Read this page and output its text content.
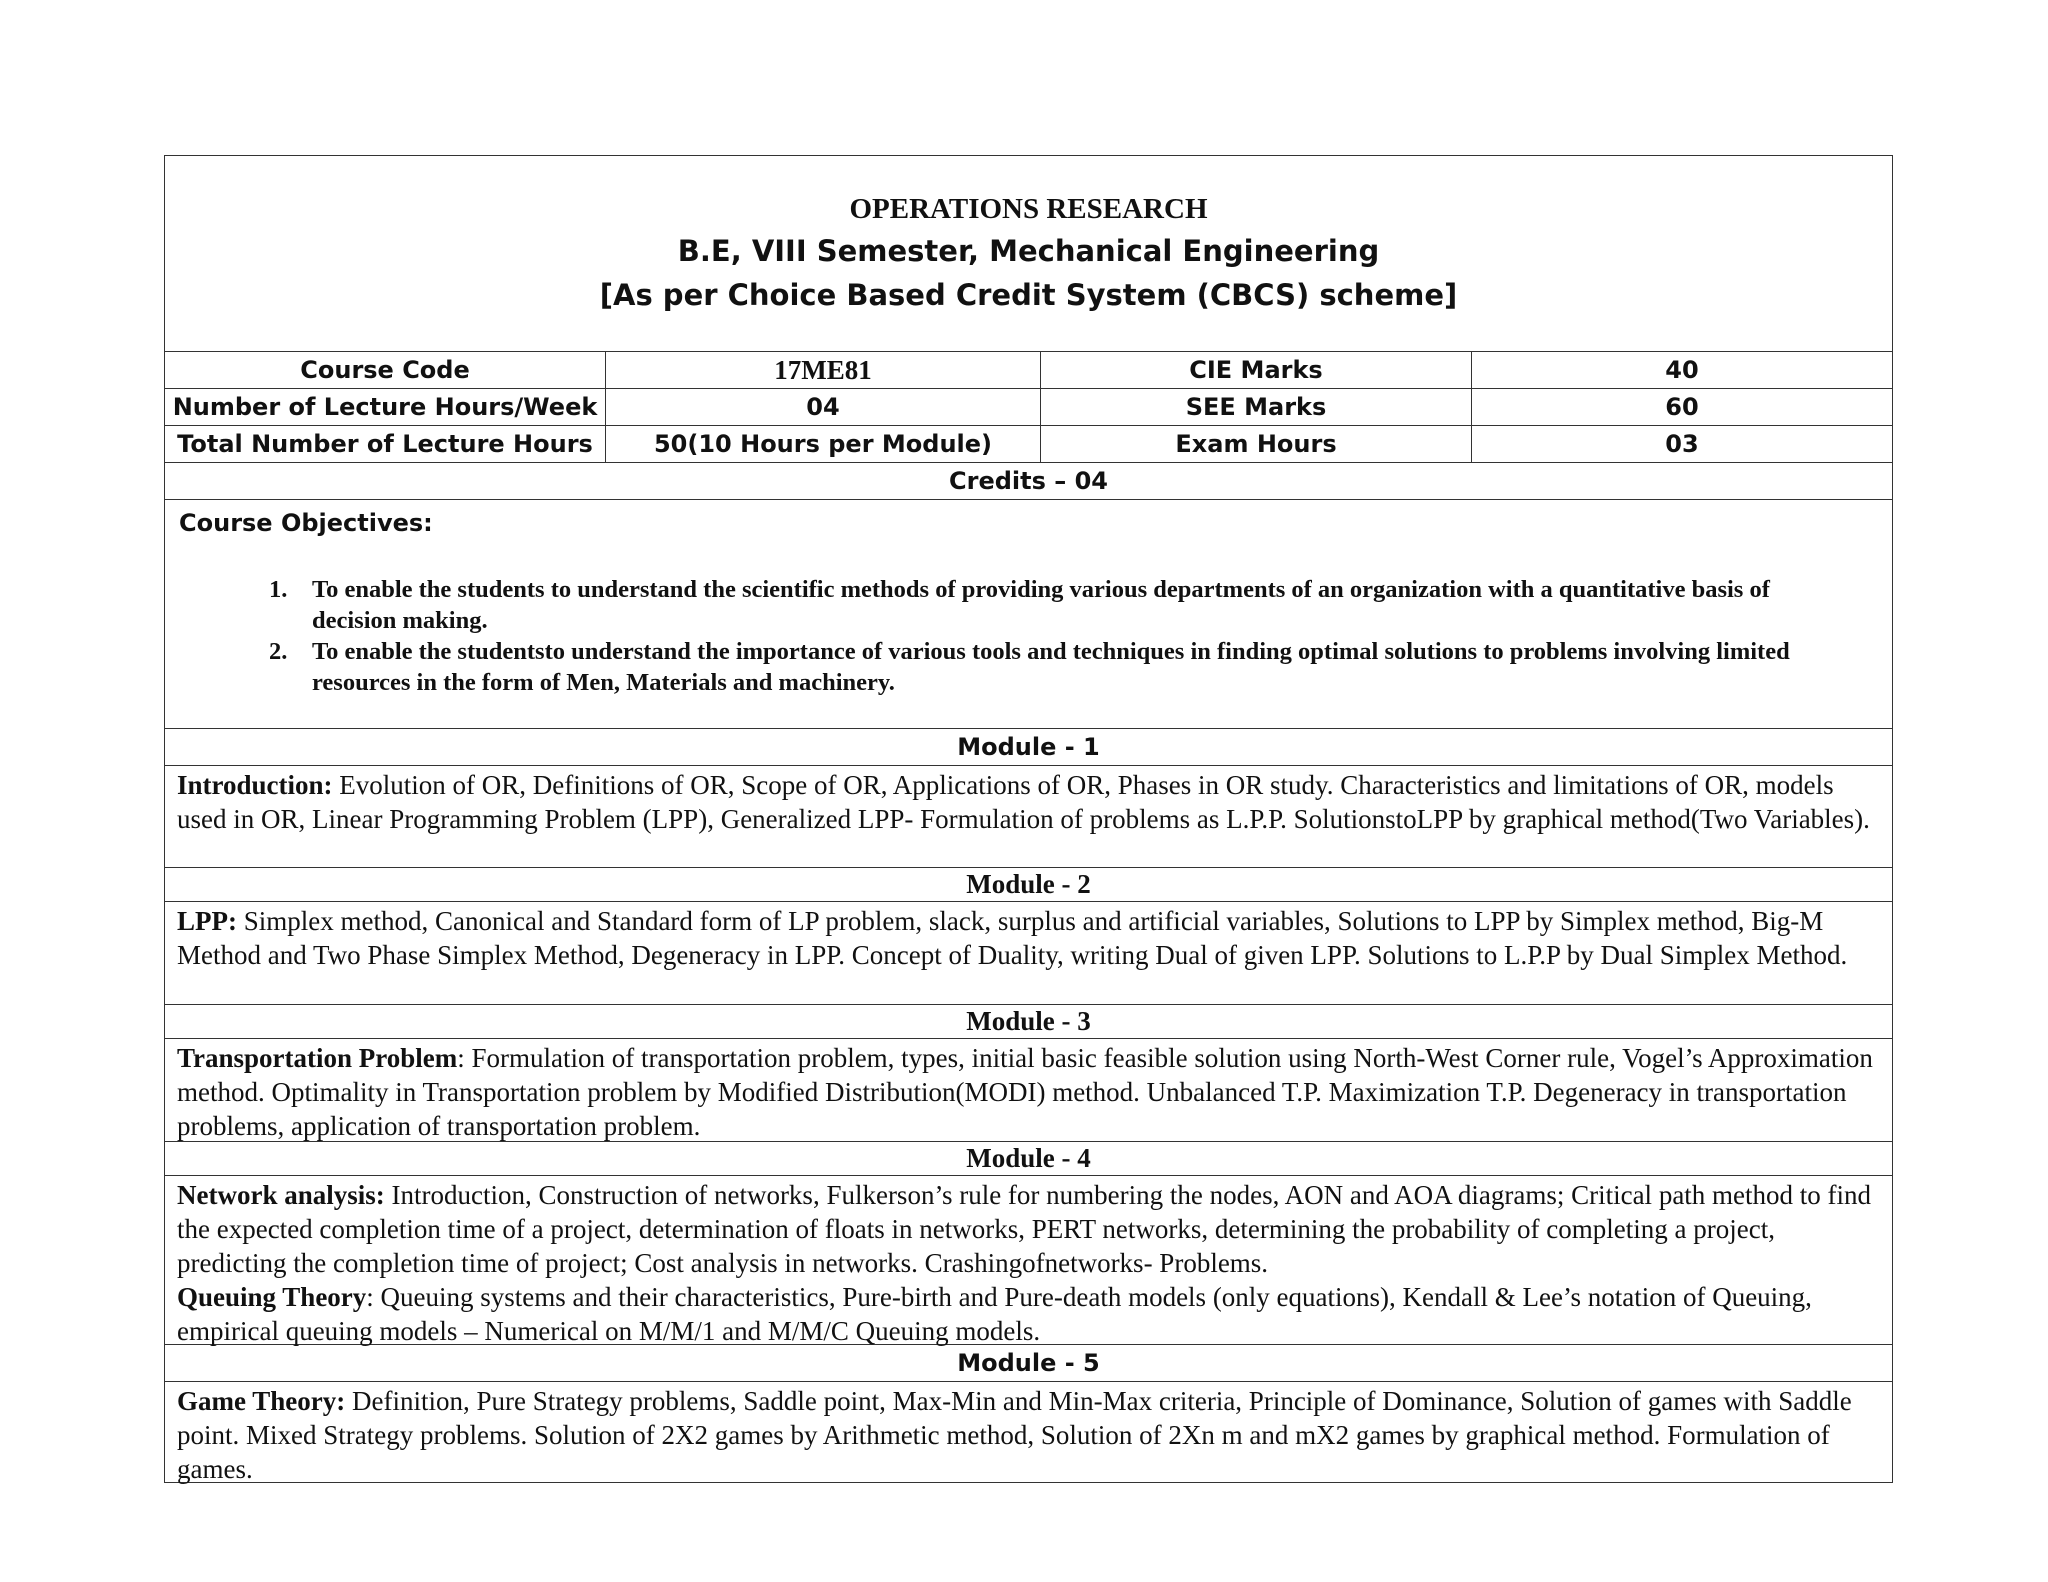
OPERATIONS RESEARCH
B.E, VIII Semester, Mechanical Engineering
[As per Choice Based Credit System (CBCS) scheme]
Course Code	17ME81	CIE Marks	40
Number of Lecture Hours/Week	04	SEE Marks	60
Total Number of Lecture Hours	50(10 Hours per Module)	Exam Hours	03
Credits – 04
Course Objectives:
1. To enable the students to understand the scientific methods of providing various departments of an organization with a quantitative basis of decision making.
2. To enable the studentsto understand the importance of various tools and techniques in finding optimal solutions to problems involving limited resources in the form of Men, Materials and machinery.
Module - 1
Introduction: Evolution of OR, Definitions of OR, Scope of OR, Applications of OR, Phases in OR study. Characteristics and limitations of OR, models used in OR, Linear Programming Problem (LPP), Generalized LPP- Formulation of problems as L.P.P. SolutionstoLPP by graphical method(Two Variables).
Module - 2
LPP: Simplex method, Canonical and Standard form of LP problem, slack, surplus and artificial variables, Solutions to LPP by Simplex method, Big-M Method and Two Phase Simplex Method, Degeneracy in LPP. Concept of Duality, writing Dual of given LPP. Solutions to L.P.P by Dual Simplex Method.
Module - 3
Transportation Problem: Formulation of transportation problem, types, initial basic feasible solution using North-West Corner rule, Vogel’s Approximation method. Optimality in Transportation problem by Modified Distribution(MODI) method. Unbalanced T.P. Maximization T.P. Degeneracy in transportation problems, application of transportation problem.
Module - 4
Network analysis: Introduction, Construction of networks, Fulkerson’s rule for numbering the nodes, AON and AOA diagrams; Critical path method to find the expected completion time of a project, determination of floats in networks, PERT networks, determining the probability of completing a project, predicting the completion time of project; Cost analysis in networks. Crashingofnetworks- Problems.
Queuing Theory: Queuing systems and their characteristics, Pure-birth and Pure-death models (only equations), Kendall & Lee’s notation of Queuing, empirical queuing models – Numerical on M/M/1 and M/M/C Queuing models.
Module - 5
Game Theory: Definition, Pure Strategy problems, Saddle point, Max-Min and Min-Max criteria, Principle of Dominance, Solution of games with Saddle point. Mixed Strategy problems. Solution of 2X2 games by Arithmetic method, Solution of 2Xn m and mX2 games by graphical method. Formulation of games.
